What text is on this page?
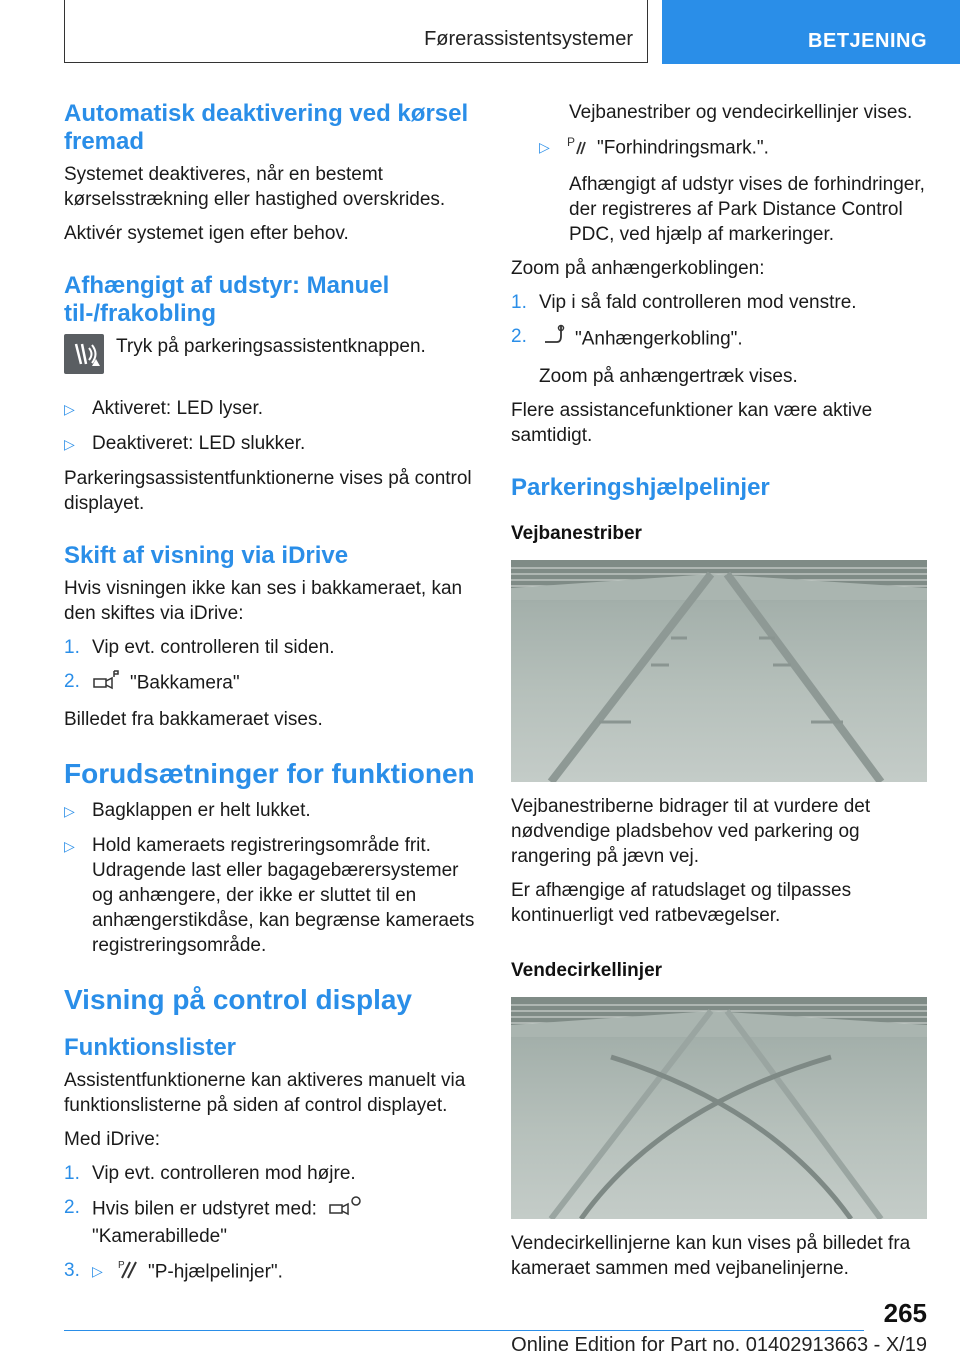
Førerassistentsystemer	BETJENING
Automatisk deaktivering ved kørsel fremad

Systemet deaktiveres, når en bestemt kørselsstrækning eller hastighed overskrides.

Aktivér systemet igen efter behov.

Afhængigt af udstyr: Manuel til-/frakobling
Tryk på parkeringsassistentknappen.
▷ Aktiveret: LED lyser.
▷ Deaktiveret: LED slukker.

Parkeringsassistentfunktionerne vises på control displayet.

Skift af visning via iDrive

Hvis visningen ikke kan ses i bakkameraet, kan den skiftes via iDrive:

1. Vip evt. controlleren til siden.
2.	"Bakkamera"

Billedet fra bakkameraet vises.

Forudsætninger for funktionen
▷ Bagklappen er helt lukket.
▷ Hold kameraets registreringsområde frit. Udragende last eller bagagebærersystemer og anhængere, der ikke er sluttet til en anhængerstikdåse, kan begrænse kameraets registreringsområde.
Visning på control display
Funktionslister

Assistentfunktionerne kan aktiveres manuelt via funktionslisterne på siden af control displayet.

Med iDrive:

1. Vip evt. controlleren mod højre.
2. Hvis bilen er udstyret med:
"Kamerabillede"
3. ▷	P "P-hjælpelinjer".

Vejbanestriber og vendecirkellinjer vises.

▷	P "Forhindringsmark.".

Afhængigt af udstyr vises de forhindringer, der registreres af Park Distance Control PDC, ved hjælp af markeringer.

Zoom på anhængerkoblingen:

1. Vip i så fald controlleren mod venstre.
2.	"Anhængerkobling".

Zoom på anhængertræk vises.

Flere assistancefunktioner kan være aktive samtidigt.

Parkeringshjælpelinjer
Vejbanestriber

Vejbanestriberne bidrager til at vurdere det nødvendige pladsbehov ved parkering og rangering på jævn vej.

Er afhængige af ratudslaget og tilpasses kontinuerligt ved ratbevægelser.

Vendecirkellinjer

Vendecirkellinjerne kan kun vises på billedet fra kameraet sammen med vejbanelinjerne.

265
Online Edition for Part no. 01402913663 - X/19
